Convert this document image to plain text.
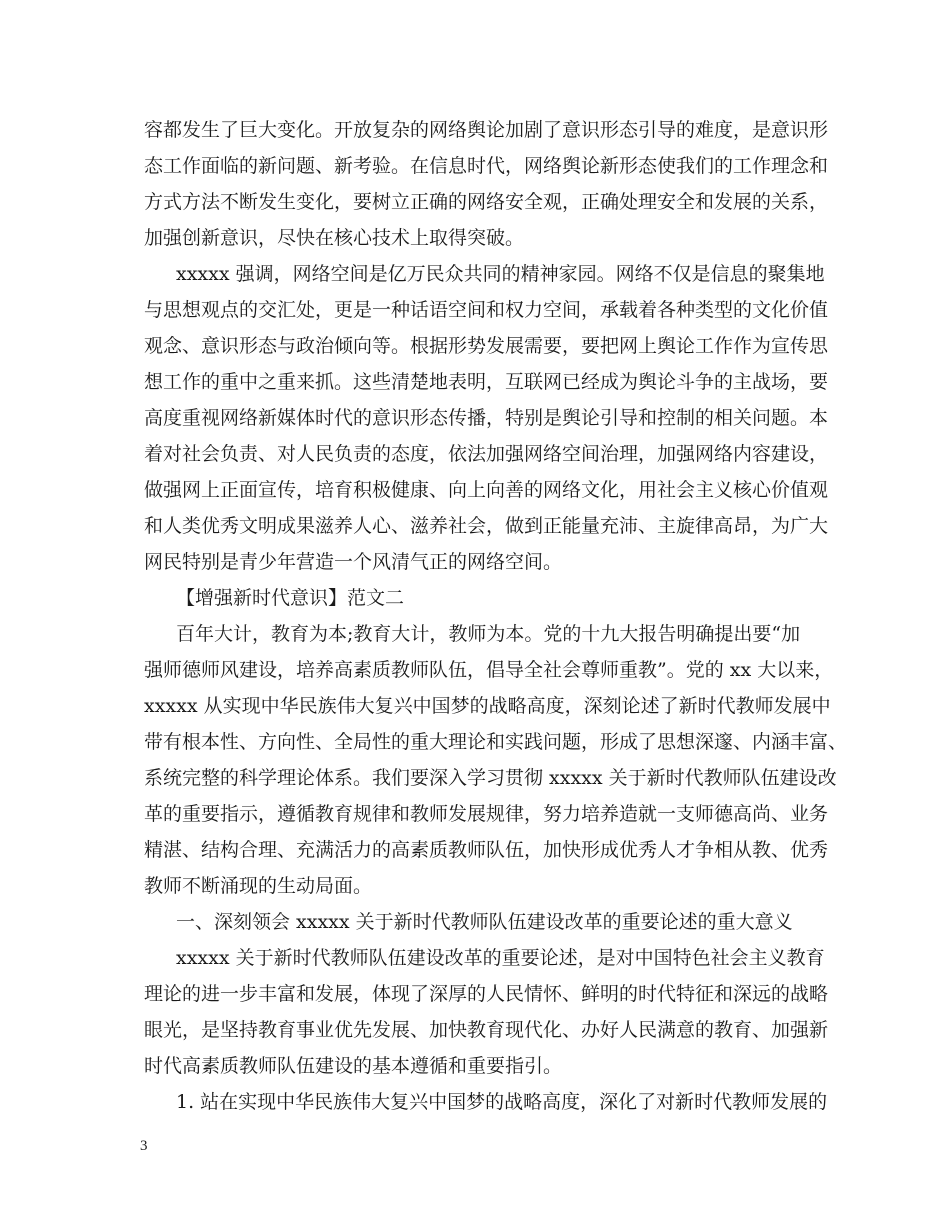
容都发生了巨大变化。开放复杂的网络舆论加剧了意识形态引导的难度，是意识形

态工作面临的新问题、新考验。在信息时代，网络舆论新形态使我们的工作理念和

方式方法不断发生变化，要树立正确的网络安全观，正确处理安全和发展的关系，

加强创新意识，尽快在核心技术上取得突破。

xxxxx 强调，网络空间是亿万民众共同的精神家园。网络不仅是信息的聚集地

与思想观点的交汇处，更是一种话语空间和权力空间，承载着各种类型的文化价值

观念、意识形态与政治倾向等。根据形势发展需要，要把网上舆论工作作为宣传思

想工作的重中之重来抓。这些清楚地表明，互联网已经成为舆论斗争的主战场，要

高度重视网络新媒体时代的意识形态传播，特别是舆论引导和控制的相关问题。本

着对社会负责、对人民负责的态度，依法加强网络空间治理，加强网络内容建设，

做强网上正面宣传，培育积极健康、向上向善的网络文化，用社会主义核心价值观

和人类优秀文明成果滋养人心、滋养社会，做到正能量充沛、主旋律高昂，为广大

网民特别是青少年营造一个风清气正的网络空间。

【增强新时代意识】范文二

百年大计，教育为本;教育大计，教师为本。党的十九大报告明确提出要“加

强师德师风建设，培养高素质教师队伍，倡导全社会尊师重教”。党的 xx 大以来，

xxxxx 从实现中华民族伟大复兴中国梦的战略高度，深刻论述了新时代教师发展中

带有根本性、方向性、全局性的重大理论和实践问题，形成了思想深邃、内涵丰富、

系统完整的科学理论体系。我们要深入学习贯彻 xxxxx 关于新时代教师队伍建设改

革的重要指示，遵循教育规律和教师发展规律，努力培养造就一支师德高尚、业务

精湛、结构合理、充满活力的高素质教师队伍，加快形成优秀人才争相从教、优秀

教师不断涌现的生动局面。

一、深刻领会 xxxxx 关于新时代教师队伍建设改革的重要论述的重大意义

xxxxx 关于新时代教师队伍建设改革的重要论述，是对中国特色社会主义教育

理论的进一步丰富和发展，体现了深厚的人民情怀、鲜明的时代特征和深远的战略

眼光，是坚持教育事业优先发展、加快教育现代化、办好人民满意的教育、加强新

时代高素质教师队伍建设的基本遵循和重要指引。

1. 站在实现中华民族伟大复兴中国梦的战略高度，深化了对新时代教师发展的

3
